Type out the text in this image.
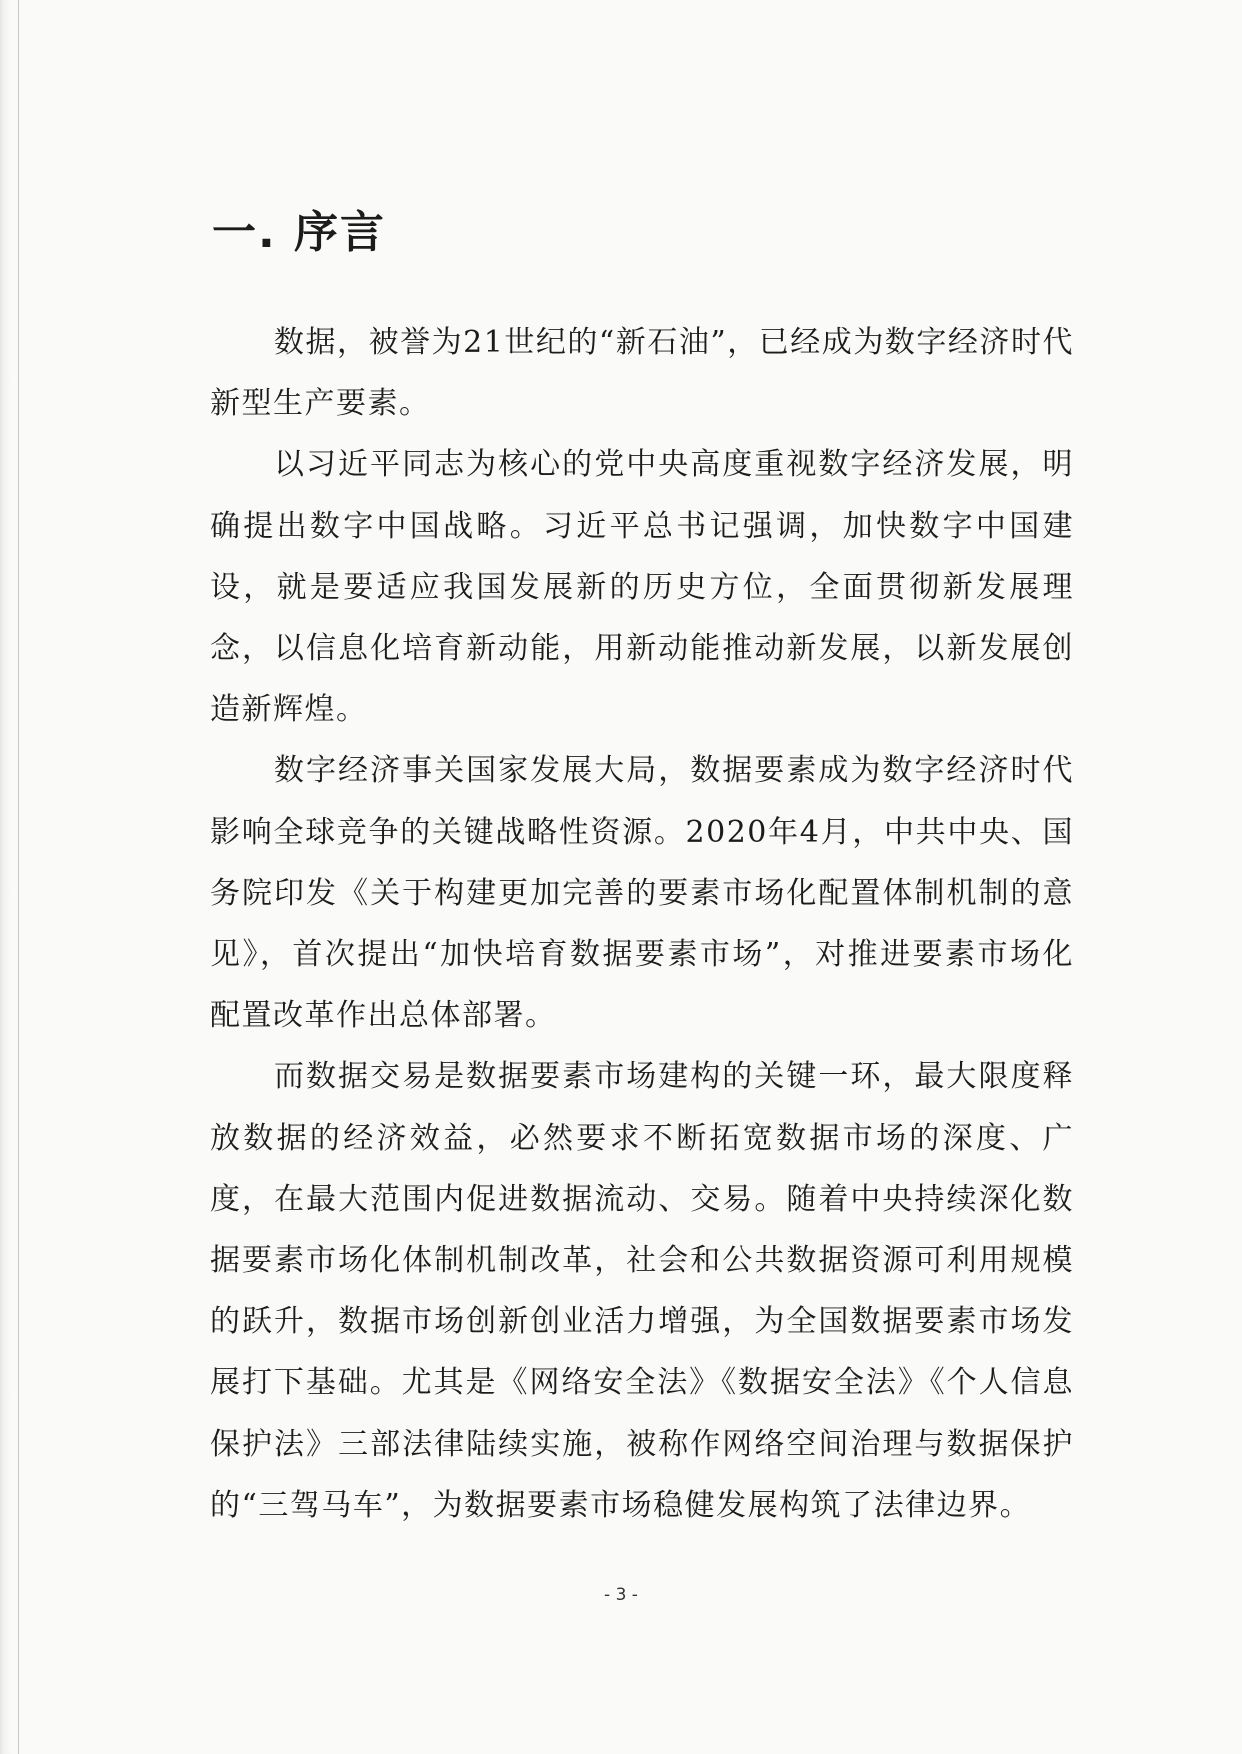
一. 序言

数据，被誉为21世纪的“新石油”，已经成为数字经济时代新型生产要素。

以习近平同志为核心的党中央高度重视数字经济发展，明确提出数字中国战略。习近平总书记强调，加快数字中国建设，就是要适应我国发展新的历史方位，全面贯彻新发展理念，以信息化培育新动能，用新动能推动新发展，以新发展创造新辉煌。

数字经济事关国家发展大局，数据要素成为数字经济时代影响全球竞争的关键战略性资源。2020年4月，中共中央、国务院印发《关于构建更加完善的要素市场化配置体制机制的意见》，首次提出“加快培育数据要素市场”，对推进要素市场化配置改革作出总体部署。

而数据交易是数据要素市场建构的关键一环，最大限度释放数据的经济效益，必然要求不断拓宽数据市场的深度、广度，在最大范围内促进数据流动、交易。随着中央持续深化数据要素市场化体制机制改革，社会和公共数据资源可利用规模的跃升，数据市场创新创业活力增强，为全国数据要素市场发展打下基础。尤其是《网络安全法》《数据安全法》《个人信息保护法》三部法律陆续实施，被称作网络空间治理与数据保护的“三驾马车”，为数据要素市场稳健发展构筑了法律边界。

- 3 -
